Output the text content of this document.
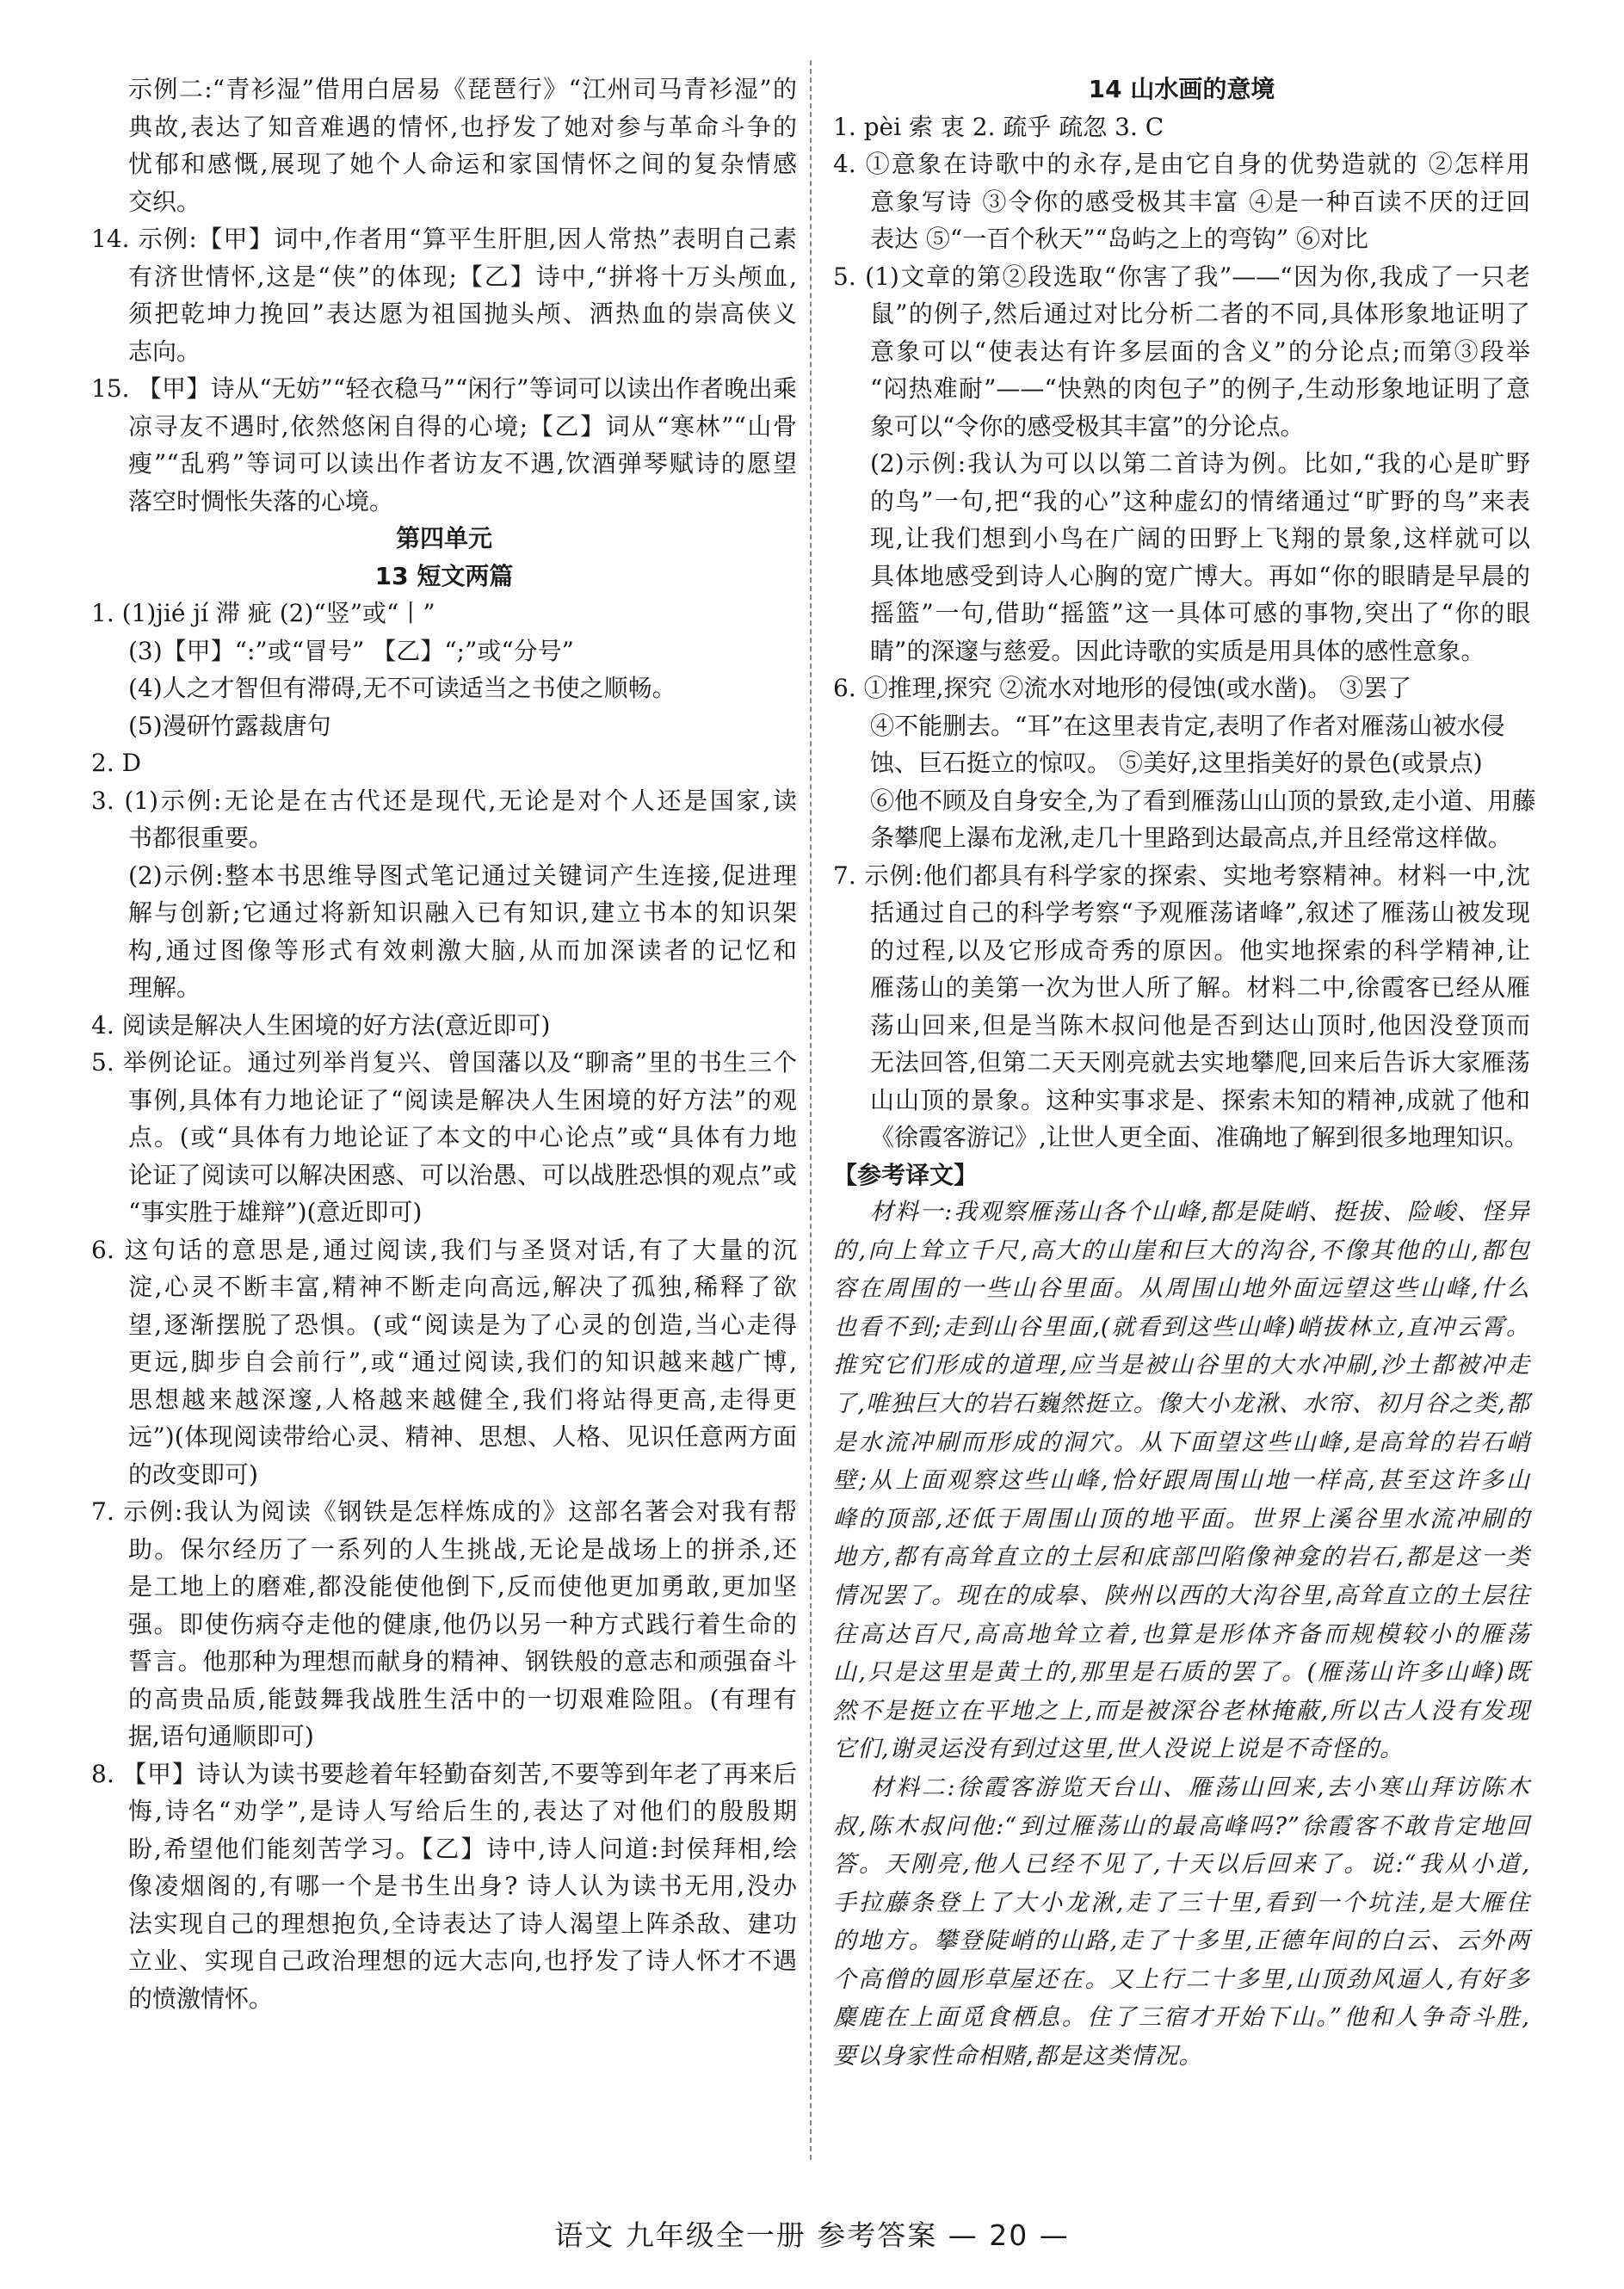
示例二:“青衫湿”借用白居易《琵琶行》“江州司马青衫湿”的
典故,表达了知音难遇的情怀,也抒发了她对参与革命斗争的
忧郁和感慨,展现了她个人命运和家国情怀之间的复杂情感
交织。
14. 示例:【甲】词中,作者用“算平生肝胆,因人常热”表明自己素
有济世情怀,这是“侠”的体现;【乙】诗中,“拼将十万头颅血,
须把乾坤力挽回”表达愿为祖国抛头颅、洒热血的崇高侠义
志向。
15. 【甲】诗从“无妨”“轻衣稳马”“闲行”等词可以读出作者晚出乘
凉寻友不遇时,依然悠闲自得的心境;【乙】词从“寒林”“山骨
瘦”“乱鸦”等词可以读出作者访友不遇,饮酒弹琴赋诗的愿望
落空时惆怅失落的心境。
第四单元
13 短文两篇
1. (1)jié jí 滞 疵 (2)“竖”或“丨”
(3)【甲】“:”或“冒号” 【乙】“;”或“分号”
(4)人之才智但有滞碍,无不可读适当之书使之顺畅。
(5)漫研竹露裁唐句
2. D
3. (1)示例:无论是在古代还是现代,无论是对个人还是国家,读
书都很重要。
(2)示例:整本书思维导图式笔记通过关键词产生连接,促进理
解与创新;它通过将新知识融入已有知识,建立书本的知识架
构,通过图像等形式有效刺激大脑,从而加深读者的记忆和
理解。
4. 阅读是解决人生困境的好方法(意近即可)
5. 举例论证。通过列举肖复兴、曾国藩以及“聊斋”里的书生三个
事例,具体有力地论证了“阅读是解决人生困境的好方法”的观
点。(或“具体有力地论证了本文的中心论点”或“具体有力地
论证了阅读可以解决困惑、可以治愚、可以战胜恐惧的观点”或
“事实胜于雄辩”)(意近即可)
6. 这句话的意思是,通过阅读,我们与圣贤对话,有了大量的沉
淀,心灵不断丰富,精神不断走向高远,解决了孤独,稀释了欲
望,逐渐摆脱了恐惧。(或“阅读是为了心灵的创造,当心走得
更远,脚步自会前行”,或“通过阅读,我们的知识越来越广博,
思想越来越深邃,人格越来越健全,我们将站得更高,走得更
远”)(体现阅读带给心灵、精神、思想、人格、见识任意两方面
的改变即可)
7. 示例:我认为阅读《钢铁是怎样炼成的》这部名著会对我有帮
助。保尔经历了一系列的人生挑战,无论是战场上的拼杀,还
是工地上的磨难,都没能使他倒下,反而使他更加勇敢,更加坚
强。即使伤病夺走他的健康,他仍以另一种方式践行着生命的
誓言。他那种为理想而献身的精神、钢铁般的意志和顽强奋斗
的高贵品质,能鼓舞我战胜生活中的一切艰难险阻。(有理有
据,语句通顺即可)
8. 【甲】诗认为读书要趁着年轻勤奋刻苦,不要等到年老了再来后
悔,诗名“劝学”,是诗人写给后生的,表达了对他们的殷殷期
盼,希望他们能刻苦学习。【乙】诗中,诗人问道:封侯拜相,绘
像凌烟阁的,有哪一个是书生出身? 诗人认为读书无用,没办
法实现自己的理想抱负,全诗表达了诗人渴望上阵杀敌、建功
立业、实现自己政治理想的远大志向,也抒发了诗人怀才不遇
的愤激情怀。
14 山水画的意境
1. pèi 索 衷 2. 疏乎 疏忽 3. C
4. ①意象在诗歌中的永存,是由它自身的优势造就的 ②怎样用
意象写诗 ③令你的感受极其丰富 ④是一种百读不厌的迂回
表达 ⑤“一百个秋天”“岛屿之上的弯钩” ⑥对比
5. (1)文章的第②段选取“你害了我”——“因为你,我成了一只老
鼠”的例子,然后通过对比分析二者的不同,具体形象地证明了
意象可以“使表达有许多层面的含义”的分论点;而第③段举
“闷热难耐”——“快熟的肉包子”的例子,生动形象地证明了意
象可以“令你的感受极其丰富”的分论点。
(2)示例:我认为可以以第二首诗为例。比如,“我的心是旷野
的鸟”一句,把“我的心”这种虚幻的情绪通过“旷野的鸟”来表
现,让我们想到小鸟在广阔的田野上飞翔的景象,这样就可以
具体地感受到诗人心胸的宽广博大。再如“你的眼睛是早晨的
摇篮”一句,借助“摇篮”这一具体可感的事物,突出了“你的眼
睛”的深邃与慈爱。因此诗歌的实质是用具体的感性意象。
6. ①推理,探究 ②流水对地形的侵蚀(或水凿)。 ③罢了
④不能删去。“耳”在这里表肯定,表明了作者对雁荡山被水侵
蚀、巨石挺立的惊叹。 ⑤美好,这里指美好的景色(或景点)
⑥他不顾及自身安全,为了看到雁荡山山顶的景致,走小道、用藤
条攀爬上瀑布龙湫,走几十里路到达最高点,并且经常这样做。
7. 示例:他们都具有科学家的探索、实地考察精神。材料一中,沈
括通过自己的科学考察“予观雁荡诸峰”,叙述了雁荡山被发现
的过程,以及它形成奇秀的原因。他实地探索的科学精神,让
雁荡山的美第一次为世人所了解。材料二中,徐霞客已经从雁
荡山回来,但是当陈木叔问他是否到达山顶时,他因没登顶而
无法回答,但第二天天刚亮就去实地攀爬,回来后告诉大家雁荡
山山顶的景象。这种实事求是、探索未知的精神,成就了他和
《徐霞客游记》,让世人更全面、准确地了解到很多地理知识。
【参考译文】
材料一:我观察雁荡山各个山峰,都是陡峭、挺拔、险峻、怪异
的,向上耸立千尺,高大的山崖和巨大的沟谷,不像其他的山,都包
容在周围的一些山谷里面。从周围山地外面远望这些山峰,什么
也看不到;走到山谷里面,(就看到这些山峰)峭拔林立,直冲云霄。
推究它们形成的道理,应当是被山谷里的大水冲刷,沙土都被冲走
了,唯独巨大的岩石巍然挺立。像大小龙湫、水帘、初月谷之类,都
是水流冲刷而形成的洞穴。从下面望这些山峰,是高耸的岩石峭
壁;从上面观察这些山峰,恰好跟周围山地一样高,甚至这许多山
峰的顶部,还低于周围山顶的地平面。世界上溪谷里水流冲刷的
地方,都有高耸直立的土层和底部凹陷像神龛的岩石,都是这一类
情况罢了。现在的成皋、陕州以西的大沟谷里,高耸直立的土层往
往高达百尺,高高地耸立着,也算是形体齐备而规模较小的雁荡
山,只是这里是黄土的,那里是石质的罢了。(雁荡山许多山峰)既
然不是挺立在平地之上,而是被深谷老林掩蔽,所以古人没有发现
它们,谢灵运没有到过这里,世人没说上说是不奇怪的。
材料二:徐霞客游览天台山、雁荡山回来,去小寒山拜访陈木
叔,陈木叔问他:“到过雁荡山的最高峰吗?”徐霞客不敢肯定地回
答。天刚亮,他人已经不见了,十天以后回来了。说:“我从小道,
手拉藤条登上了大小龙湫,走了三十里,看到一个坑洼,是大雁住
的地方。攀登陡峭的山路,走了十多里,正德年间的白云、云外两
个高僧的圆形草屋还在。又上行二十多里,山顶劲风逼人,有好多
麋鹿在上面觅食栖息。住了三宿才开始下山。”他和人争奇斗胜,
要以身家性命相赌,都是这类情况。
语文 九年级全一册 参考答案 — 20 —
